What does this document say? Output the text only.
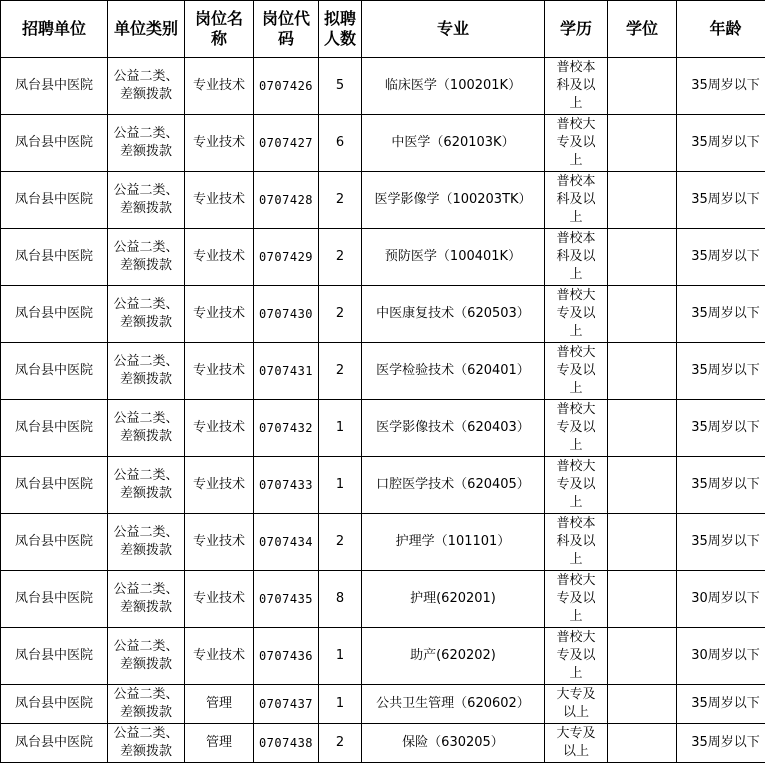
招聘单位	单位类别	岗位名称	岗位代码	拟聘人数	专业	学历	学位	年龄

凤台县中医院	公益二类、差额拨款	专业技术	0707426	5	临床医学（100201K）	普校本科及以上		35周岁以下

凤台县中医院	公益二类、差额拨款	专业技术	0707427	6	中医学（620103K）	普校大专及以上		35周岁以下

凤台县中医院	公益二类、差额拨款	专业技术	0707428	2	医学影像学（100203TK）	普校本科及以上		35周岁以下

凤台县中医院	公益二类、差额拨款	专业技术	0707429	2	预防医学（100401K）	普校本科及以上		35周岁以下

凤台县中医院	公益二类、差额拨款	专业技术	0707430	2	中医康复技术（620503）	普校大专及以上		35周岁以下

凤台县中医院	公益二类、差额拨款	专业技术	0707431	2	医学检验技术（620401）	普校大专及以上		35周岁以下

凤台县中医院	公益二类、差额拨款	专业技术	0707432	1	医学影像技术（620403）	普校大专及以上		35周岁以下

凤台县中医院	公益二类、差额拨款	专业技术	0707433	1	口腔医学技术（620405）	普校大专及以上		35周岁以下

凤台县中医院	公益二类、差额拨款	专业技术	0707434	2	护理学（101101）	普校本科及以上		35周岁以下

凤台县中医院	公益二类、差额拨款	专业技术	0707435	8	护理(620201)	普校大专及以上		30周岁以下

凤台县中医院	公益二类、差额拨款	专业技术	0707436	1	助产(620202)	普校大专及以上		30周岁以下

凤台县中医院	公益二类、差额拨款	管理	0707437	1	公共卫生管理（620602）	大专及以上		35周岁以下

凤台县中医院	公益二类、差额拨款	管理	0707438	2	保险（630205）	大专及以上		35周岁以下
